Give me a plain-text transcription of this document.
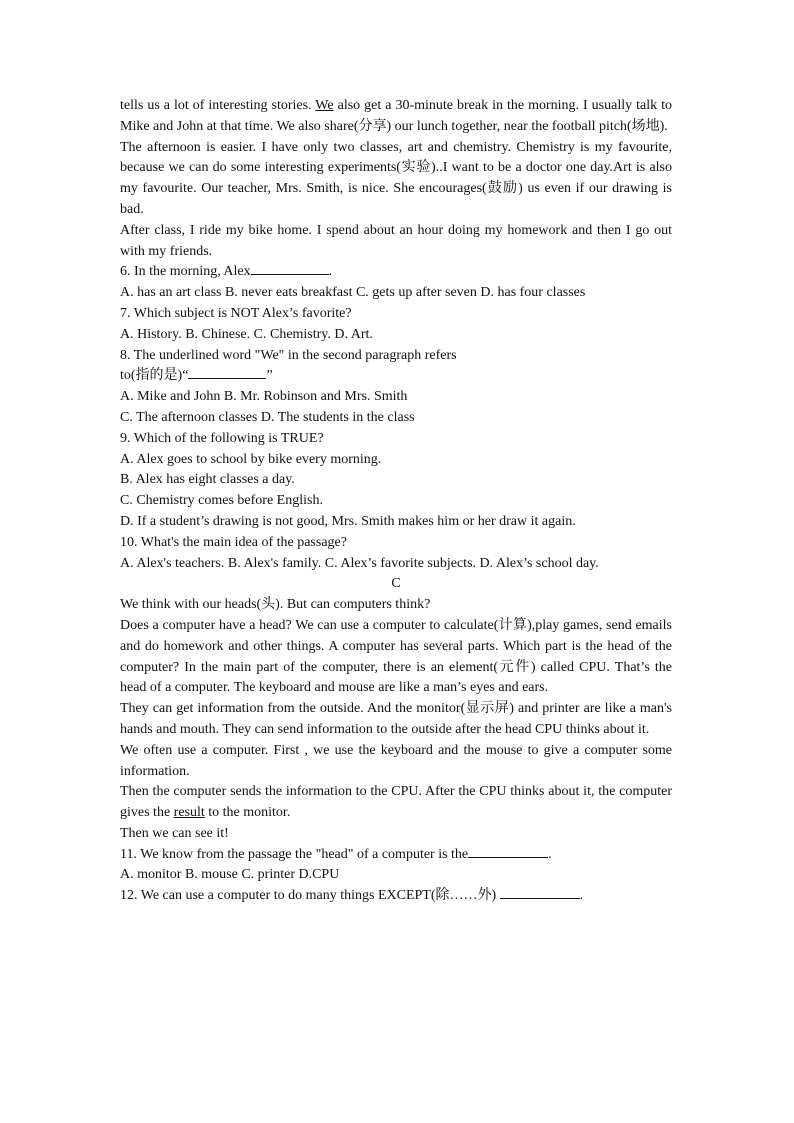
tells us a lot of interesting stories. We also get a 30-minute break in the morning. I usually talk to Mike and John at that time. We also share(分享) our lunch together, near the football pitch(场地).

The afternoon is easier. I have only two classes, art and chemistry. Chemistry is my favourite, because we can do some interesting experiments(实验)..I want to be a doctor one day.Art is also my favourite. Our teacher, Mrs. Smith, is nice. She encourages(鼓励) us even if our drawing is bad.

After class, I ride my bike home. I spend about an hour doing my homework and then I go out with my friends.

6. In the morning, Alex	.

A. has an art class B. never eats breakfast C. gets up after seven D. has four classes

7. Which subject is NOT Alex’s favorite?

A. History. B. Chinese. C. Chemistry. D. Art.

8. The underlined word "We" in the second paragraph refers

to(指的是)“	”

A. Mike and John B. Mr. Robinson and Mrs. Smith

C. The afternoon classes D. The students in the class

9. Which of the following is TRUE?

A. Alex goes to school by bike every morning.

B. Alex has eight classes a day.

C. Chemistry comes before English.

D. If a student’s drawing is not good, Mrs. Smith makes him or her draw it again.

10. What's the main idea of the passage?

A. Alex's teachers. B. Alex's family. C. Alex’s favorite subjects. D. Alex’s school day.

C

We think with our heads(头). But can computers think?

Does a computer have a head? We can use a computer to calculate(计算),play games, send emails and do homework and other things. A computer has several parts. Which part is the head of the computer? In the main part of the computer, there is an element(元件) called CPU. That’s the head of a computer. The keyboard and mouse are like a man’s eyes and ears.

They can get information from the outside. And the monitor(显示屏) and printer are like a man's hands and mouth. They can send information to the outside after the head CPU thinks about it.

We often use a computer. First , we use the keyboard and the mouse to give a computer some information.

Then the computer sends the information to the CPU. After the CPU thinks about it, the computer gives the result to the monitor.

Then we can see it!

11. We know from the passage the "head" of a computer is the	.

A. monitor B. mouse C. printer D.CPU

12. We can use a computer to do many things EXCEPT(除……外)	.
